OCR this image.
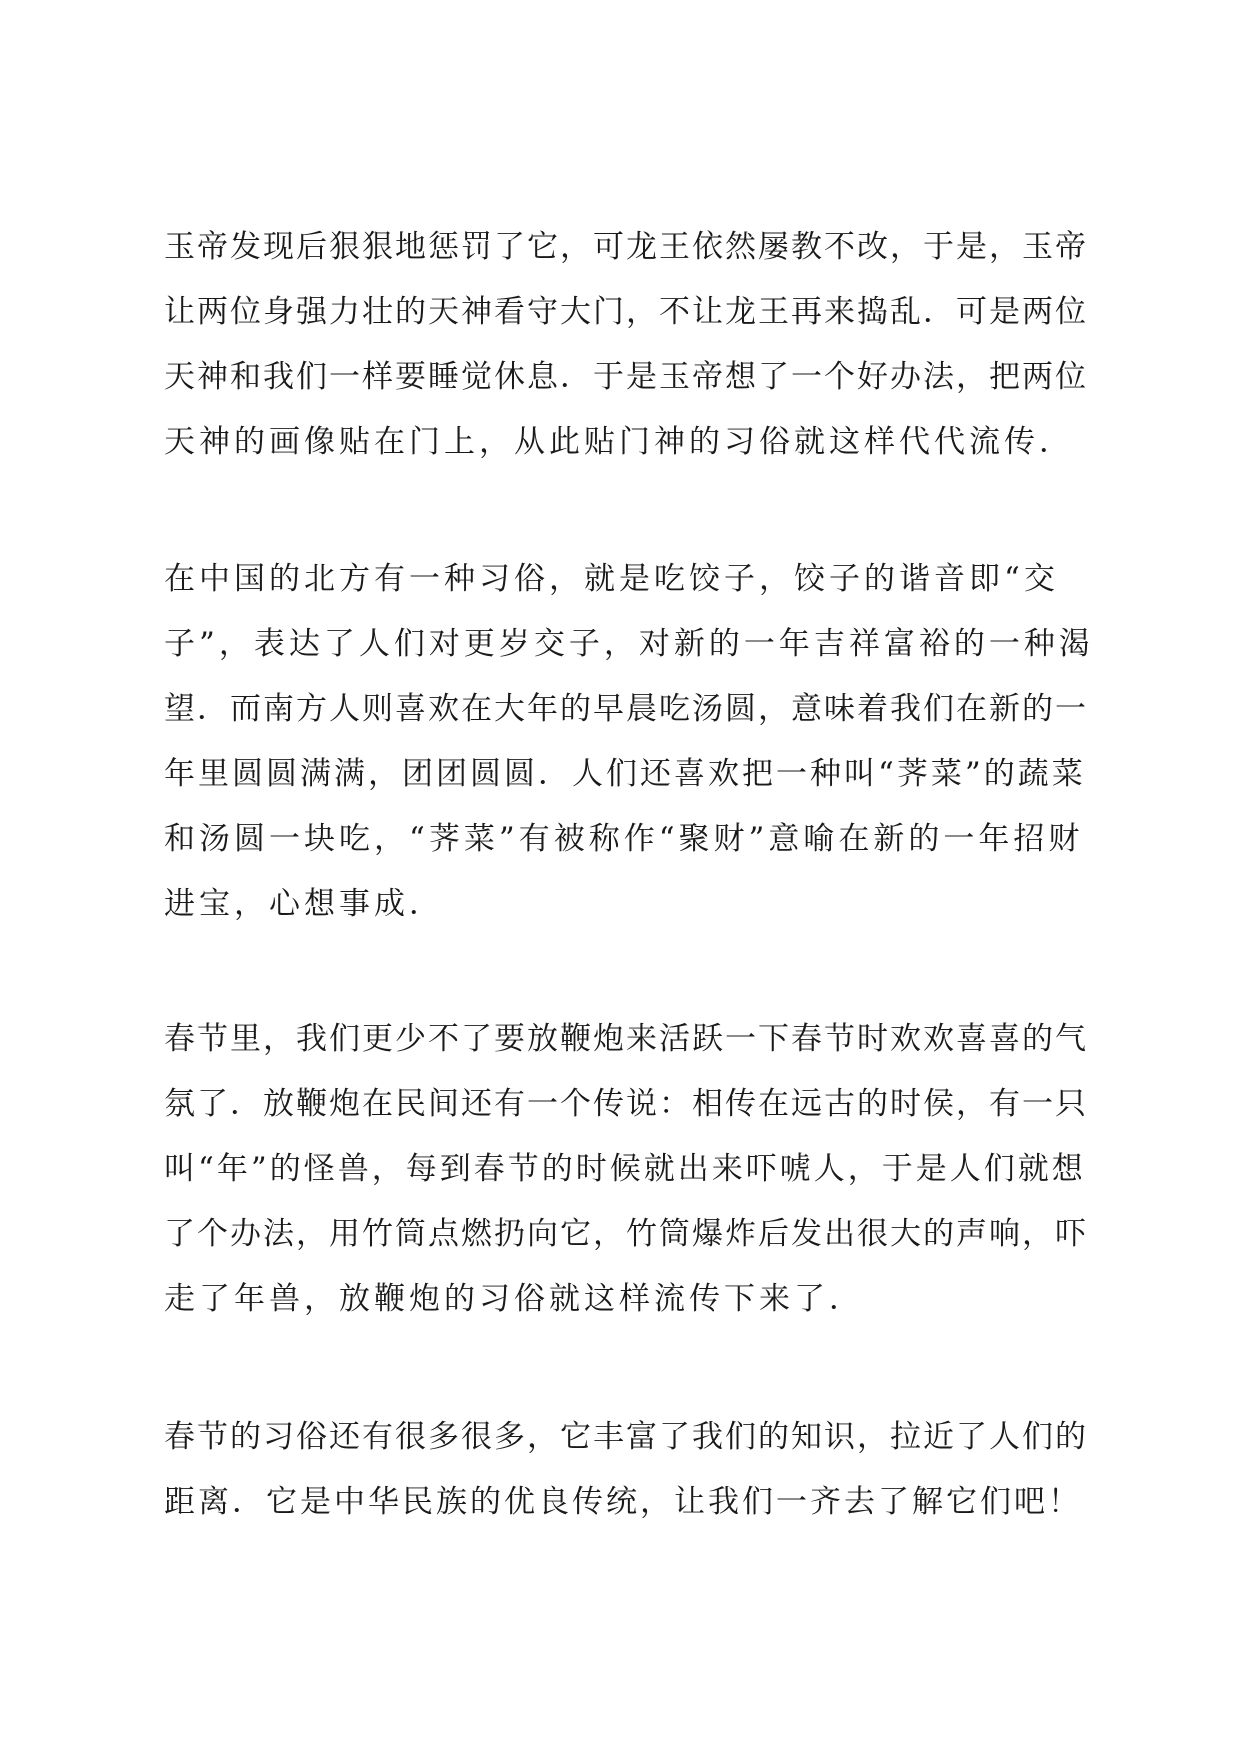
玉帝发现后狠狠地惩罚了它，可龙王依然屡教不改，于是，玉帝
让两位身强力壮的天神看守大门，不让龙王再来捣乱．可是两位
天神和我们一样要睡觉休息．于是玉帝想了一个好办法，把两位
天神的画像贴在门上，从此贴门神的习俗就这样代代流传．
在中国的北方有一种习俗，就是吃饺子，饺子的谐音即“交
子”，表达了人们对更岁交子，对新的一年吉祥富裕的一种渴
望．而南方人则喜欢在大年的早晨吃汤圆，意味着我们在新的一
年里圆圆满满，团团圆圆．人们还喜欢把一种叫“荠菜”的蔬菜
和汤圆一块吃，“荠菜”有被称作“聚财”意喻在新的一年招财
进宝，心想事成．
春节里，我们更少不了要放鞭炮来活跃一下春节时欢欢喜喜的气
氛了．放鞭炮在民间还有一个传说：相传在远古的时侯，有一只
叫“年”的怪兽，每到春节的时候就出来吓唬人，于是人们就想
了个办法，用竹筒点燃扔向它，竹筒爆炸后发出很大的声响，吓
走了年兽，放鞭炮的习俗就这样流传下来了．
春节的习俗还有很多很多，它丰富了我们的知识，拉近了人们的
距离．它是中华民族的优良传统，让我们一齐去了解它们吧！
